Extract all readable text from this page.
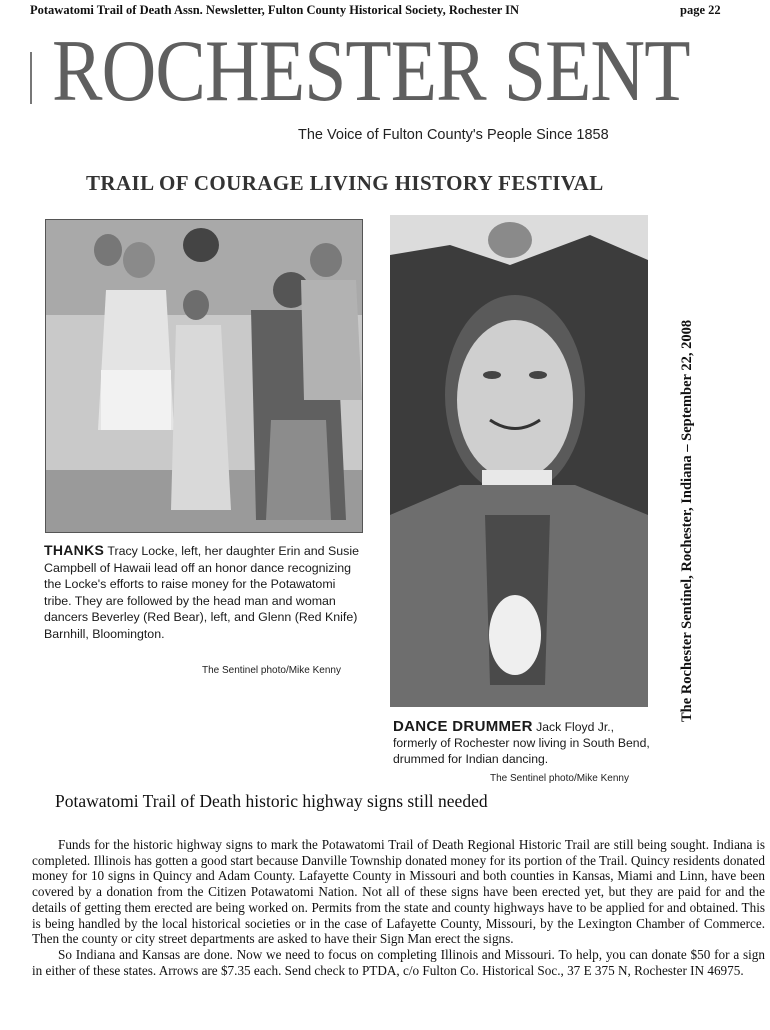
Potawatomi Trail of Death Assn. Newsletter, Fulton County Historical Society, Rochester IN	page 22
ROCHESTER SENT
The Voice of Fulton County's People Since 1858
TRAIL OF COURAGE LIVING HISTORY FESTIVAL
THANKS Tracy Locke, left, her daughter Erin and Susie Campbell of Hawaii lead off an honor dance recognizing the Locke's efforts to raise money for the Potawatomi tribe. They are followed by the head man and woman dancers Beverley (Red Bear), left, and Glenn (Red Knife) Barnhill, Bloomington.
The Sentinel photo/Mike Kenny
DANCE DRUMMER Jack Floyd Jr., formerly of Rochester now living in South Bend, drummed for Indian dancing.
The Sentinel photo/Mike Kenny
The Rochester Sentinel, Rochester, Indiana – September 22, 2008
Potawatomi Trail of Death historic highway signs still needed

Funds for the historic highway signs to mark the Potawatomi Trail of Death Regional Historic Trail are still being sought. Indiana is completed. Illinois has gotten a good start because Danville Township donated money for its portion of the Trail. Quincy residents donated money for 10 signs in Quincy and Adam County. Lafayette County in Missouri and both counties in Kansas, Miami and Linn, have been covered by a donation from the Citizen Potawatomi Nation. Not all of these signs have been erected yet, but they are paid for and the details of getting them erected are being worked on. Permits from the state and county highways have to be applied for and obtained. This is being handled by the local historical societies or in the case of Lafayette County, Missouri, by the Lexington Chamber of Commerce. Then the county or city street departments are asked to have their Sign Man erect the signs.

So Indiana and Kansas are done. Now we need to focus on completing Illinois and Missouri. To help, you can donate $50 for a sign in either of these states. Arrows are $7.35 each. Send check to PTDA, c/o Fulton Co. Historical Soc., 37 E 375 N, Rochester IN 46975.
